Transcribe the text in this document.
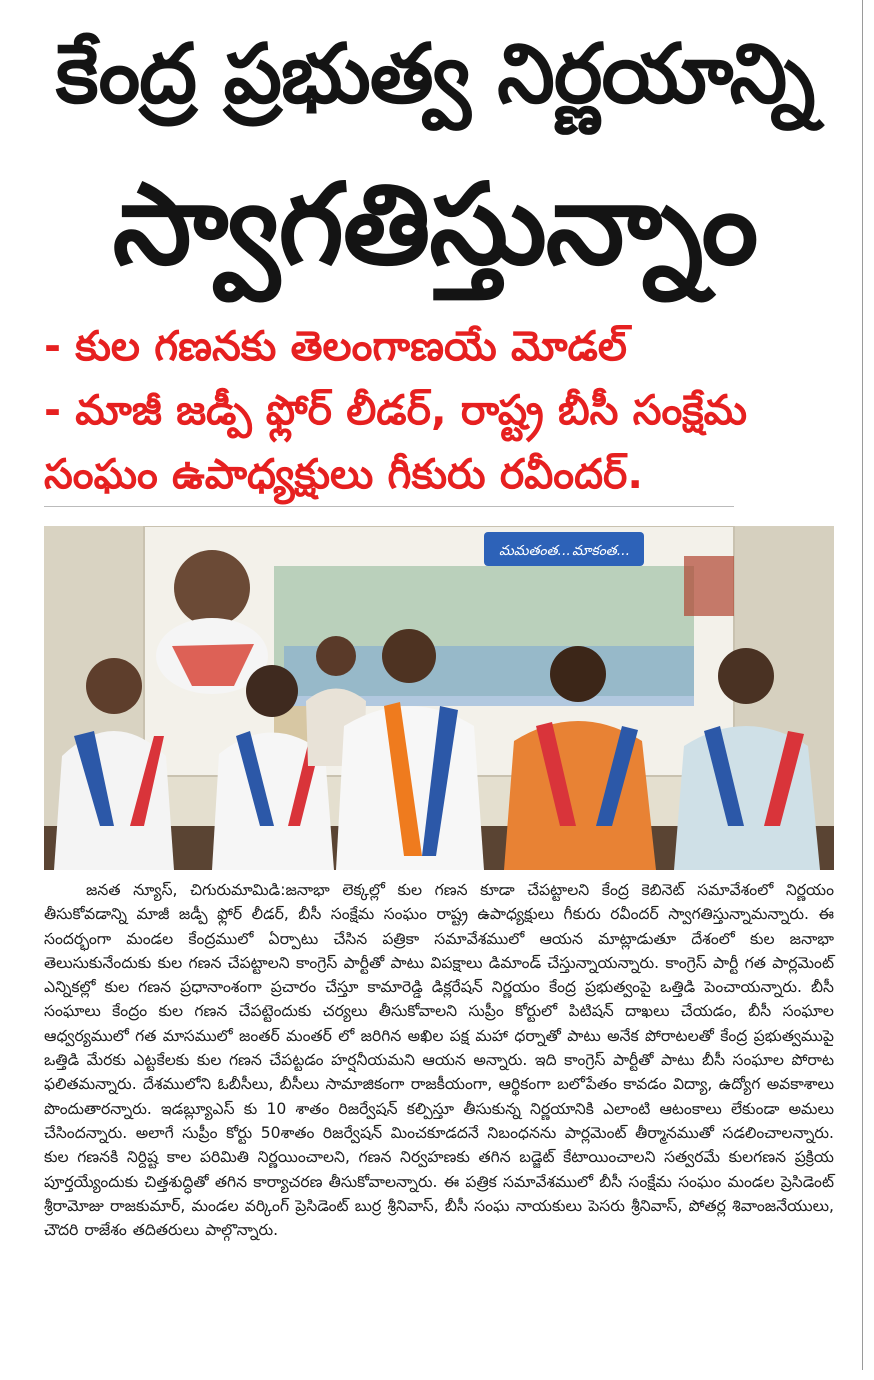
కేంద్ర ప్రభుత్వ నిర్ణయాన్ని
స్వాగతిస్తున్నాం
- కుల గణనకు తెలంగాణయే మోడల్
- మాజీ జడ్పీ ఫ్లోర్ లీడర్, రాష్ట్ర బీసీ సంక్షేమ
సంఘం ఉపాధ్యక్షులు గీకురు రవీందర్.
మమతంత... మాకంత...

జనత న్యూస్, చిగురుమామిడి:జనాభా లెక్కల్లో కుల గణన కూడా చేపట్టాలని కేంద్ర కెబినెట్ సమావేశంలో నిర్ణయం తీసుకోవడాన్ని మాజీ జడ్పీ ఫ్లోర్ లీడర్, బీసీ సంక్షేమ సంఘం రాష్ట్ర ఉపాధ్యక్షులు గీకురు రవీందర్ స్వాగతిస్తున్నామన్నారు. ఈ సందర్భంగా మండల కేంద్రములో ఏర్పాటు చేసిన పత్రికా సమావేశములో ఆయన మాట్లాడుతూ దేశంలో కుల జనాభా తెలుసుకునేందుకు కుల గణన చేపట్టాలని కాంగ్రెస్ పార్టీతో పాటు విపక్షాలు డిమాండ్ చేస్తున్నాయన్నారు. కాంగ్రెస్ పార్టీ గత పార్లమెంట్ ఎన్నికల్లో కుల గణన ప్రధానాంశంగా ప్రచారం చేస్తూ కామారెడ్డి డిక్లరేషన్ నిర్ణయం కేంద్ర ప్రభుత్వంపై ఒత్తిడి పెంచాయన్నారు. బీసీ సంఘాలు కేంద్రం కుల గణన చేపట్టెందుకు చర్యలు తీసుకోవాలని సుప్రీం కోర్టులో పిటిషన్ దాఖలు చేయడం, బీసీ సంఘాల ఆధ్వర్యములో గత మాసములో జంతర్ మంతర్ లో జరిగిన అఖిల పక్ష మహా ధర్నాతో పాటు అనేక పోరాటలతో కేంద్ర ప్రభుత్వముపై ఒత్తిడి మేరకు ఎట్టకేలకు కుల గణన చేపట్టడం హర్షనీయమని ఆయన అన్నారు. ఇది కాంగ్రెస్ పార్టీతో పాటు బీసీ సంఘాల పోరాట ఫలితమన్నారు. దేశములోని ఓబీసీలు, బీసీలు సామాజికంగా రాజకీయంగా, ఆర్థికంగా బలోపేతం కావడం విద్యా, ఉద్యోగ అవకాశాలు పొందుతారన్నారు. ఇడబ్ల్యూఎస్ కు 10 శాతం రిజర్వేషన్ కల్పిస్తూ తీసుకున్న నిర్ణయానికి ఎలాంటి ఆటంకాలు లేకుండా అమలు చేసిందన్నారు. అలాగే సుప్రీం కోర్టు 50శాతం రిజర్వేషన్ మించకూడదనే నిబంధనను పార్లమెంట్ తీర్మానముతో సడలించాలన్నారు. కుల గణనకి నిర్దిష్ట కాల పరిమితి నిర్ణయించాలని, గణన నిర్వహణకు తగిన బడ్జెట్ కేటాయించాలని సత్వరమే కులగణన ప్రక్రియ పూర్తయ్యేందుకు చిత్తశుద్ధితో తగిన కార్యాచరణ తీసుకోవాలన్నారు. ఈ పత్రిక సమావేశములో బీసీ సంక్షేమ సంఘం మండల ప్రెసిడెంట్ శ్రీరామోజు రాజకుమార్, మండల వర్కింగ్ ప్రెసిడెంట్ బుర్ర శ్రీనివాస్, బీసీ సంఘ నాయకులు పెసరు శ్రీనివాస్, పోతర్ల శివాంజనేయులు, చౌదరి రాజేశం తదితరులు పాల్గొన్నారు.
